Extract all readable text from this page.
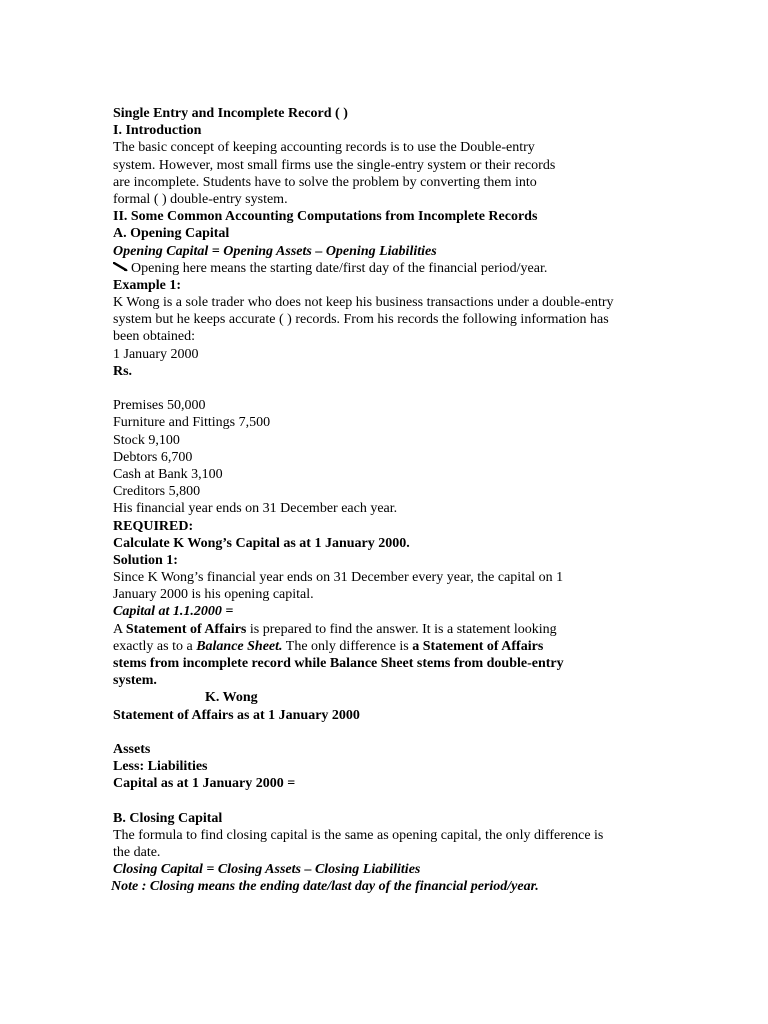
Single Entry and Incomplete Record ( )
I. Introduction
The basic concept of keeping accounting records is to use the Double-entry
system. However, most small firms use the single-entry system or their records
are incomplete. Students have to solve the problem by converting them into
formal ( ) double-entry system.
II. Some Common Accounting Computations from Incomplete Records
A. Opening Capital
Opening Capital = Opening Assets – Opening Liabilities
Opening here means the starting date/first day of the financial period/year.
Example 1:
K Wong is a sole trader who does not keep his business transactions under a double-entry
system but he keeps accurate ( ) records. From his records the following information has
been obtained:
1 January 2000
Rs.
Premises 50,000
Furniture and Fittings 7,500
Stock 9,100
Debtors 6,700
Cash at Bank 3,100
Creditors 5,800
His financial year ends on 31 December each year.
REQUIRED:
Calculate K Wong’s Capital as at 1 January 2000.
Solution 1:
Since K Wong’s financial year ends on 31 December every year, the capital on 1
January 2000 is his opening capital.
Capital at 1.1.2000 =
A Statement of Affairs is prepared to find the answer. It is a statement looking
exactly as to a Balance Sheet. The only difference is a Statement of Affairs
stems from incomplete record while Balance Sheet stems from double-entry
system.
K. Wong
Statement of Affairs as at 1 January 2000
Assets
Less: Liabilities
Capital as at 1 January 2000 =
B. Closing Capital
The formula to find closing capital is the same as opening capital, the only difference is
the date.
Closing Capital = Closing Assets – Closing Liabilities
Note : Closing means the ending date/last day of the financial period/year.
